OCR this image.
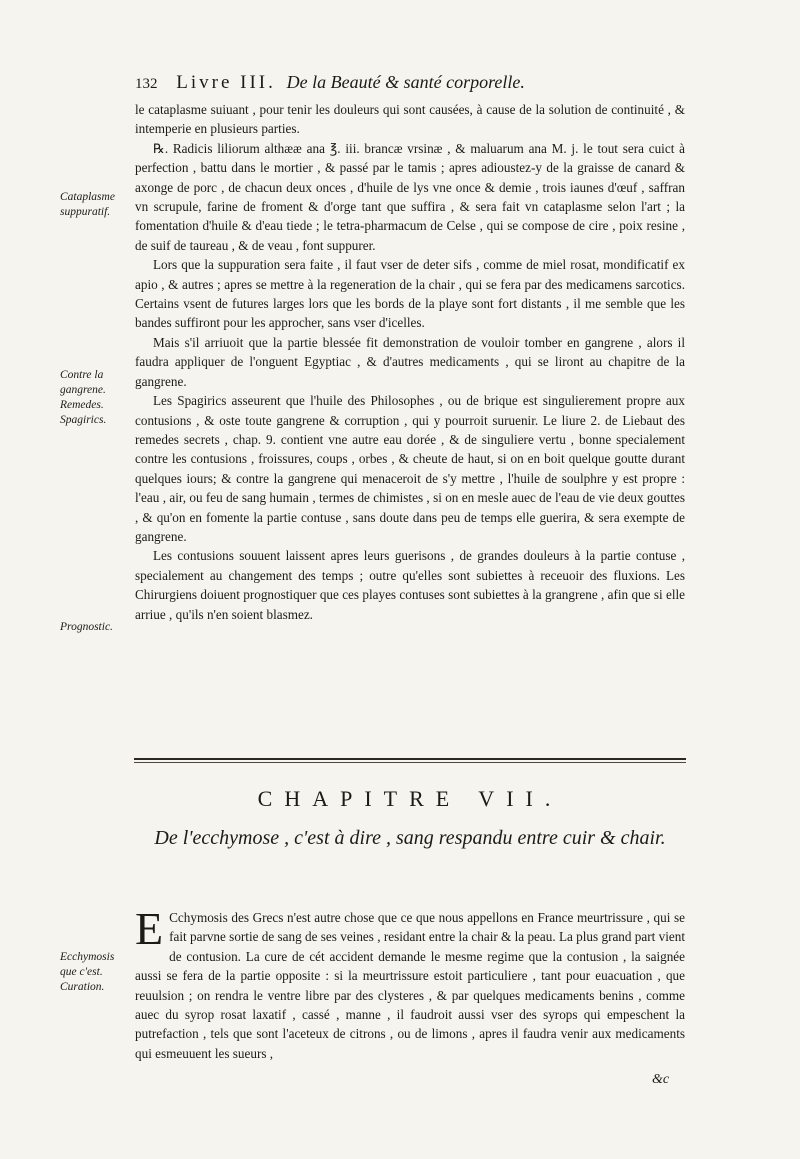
132 Livre III. De la Beauté & santé corporelle.
Cataplasme suppuratif.
Contre la gangrene. Remedes. Spagirics.
Prognostic.
Ecchymosis que c'est. Curation.

le cataplasme suiuant , pour tenir les douleurs qui sont causées, à cause de la solution de continuité , & intemperie en plusieurs parties.

℞. Radicis liliorum althææ ana ℥. iii. brancæ vrsinæ , & maluarum ana M. j. le tout sera cuict à perfection , battu dans le mortier , & passé par le tamis ; apres adioustez-y de la graisse de canard & axonge de porc , de chacun deux onces , d'huile de lys vne once & demie , trois iaunes d'œuf , saffran vn scrupule, farine de froment & d'orge tant que suffira , & sera fait vn cataplasme selon l'art ; la fomentation d'huile & d'eau tiede ; le tetra-pharmacum de Celse , qui se compose de cire , poix resine , de suif de taureau , & de veau , font suppurer.

Lors que la suppuration sera faite , il faut vser de deter sifs , comme de miel rosat, mondificatif ex apio , & autres ; apres se mettre à la regeneration de la chair , qui se fera par des medicamens sarcotics. Certains vsent de futures larges lors que les bords de la playe sont fort distants , il me semble que les bandes suffiront pour les approcher, sans vser d'icelles.

Mais s'il arriuoit que la partie blessée fit demonstration de vouloir tomber en gangrene , alors il faudra appliquer de l'onguent Egyptiac , & d'autres medicaments , qui se liront au chapitre de la gangrene.

Les Spagirics asseurent que l'huile des Philosophes , ou de brique est singulierement propre aux contusions , & oste toute gangrene & corruption , qui y pourroit suruenir. Le liure 2. de Liebaut des remedes secrets , chap. 9. contient vne autre eau dorée , & de singuliere vertu , bonne specialement contre les contusions , froissures, coups , orbes , & cheute de haut, si on en boit quelque goutte durant quelques iours; & contre la gangrene qui menaceroit de s'y mettre , l'huile de soulphre y est propre : l'eau , air, ou feu de sang humain , termes de chimistes , si on en mesle auec de l'eau de vie deux gouttes , & qu'on en fomente la partie contuse , sans doute dans peu de temps elle guerira, & sera exempte de gangrene.

Les contusions souuent laissent apres leurs guerisons , de grandes douleurs à la partie contuse , specialement au changement des temps ; outre qu'elles sont subiettes à receuoir des fluxions. Les Chirurgiens doiuent prognostiquer que ces playes contuses sont subiettes à la grangrene , afin que si elle arriue , qu'ils n'en soient blasmez.

CHAPITRE VII.
De l'ecchymose , c'est à dire , sang respandu entre cuir & chair.
E Cchymosis des Grecs n'est autre chose que ce que nous appellons en France meurtrissure , qui se fait parvne sortie de sang de ses veines , residant entre la chair & la peau. La plus grand part vient de contusion. La cure de cét accident demande le mesme regime que la contusion , la saignée aussi se fera de la partie opposite : si la meurtrissure estoit particuliere , tant pour euacuation , que reuulsion ; on rendra le ventre libre par des clysteres , & par quelques medicaments benins , comme auec du syrop rosat laxatif , cassé , manne , il faudroit aussi vser des syrops qui empeschent la putrefaction , tels que sont l'aceteux de citrons , ou de limons , apres il faudra venir aux medicaments qui esmeuuent les sueurs ,
&c
